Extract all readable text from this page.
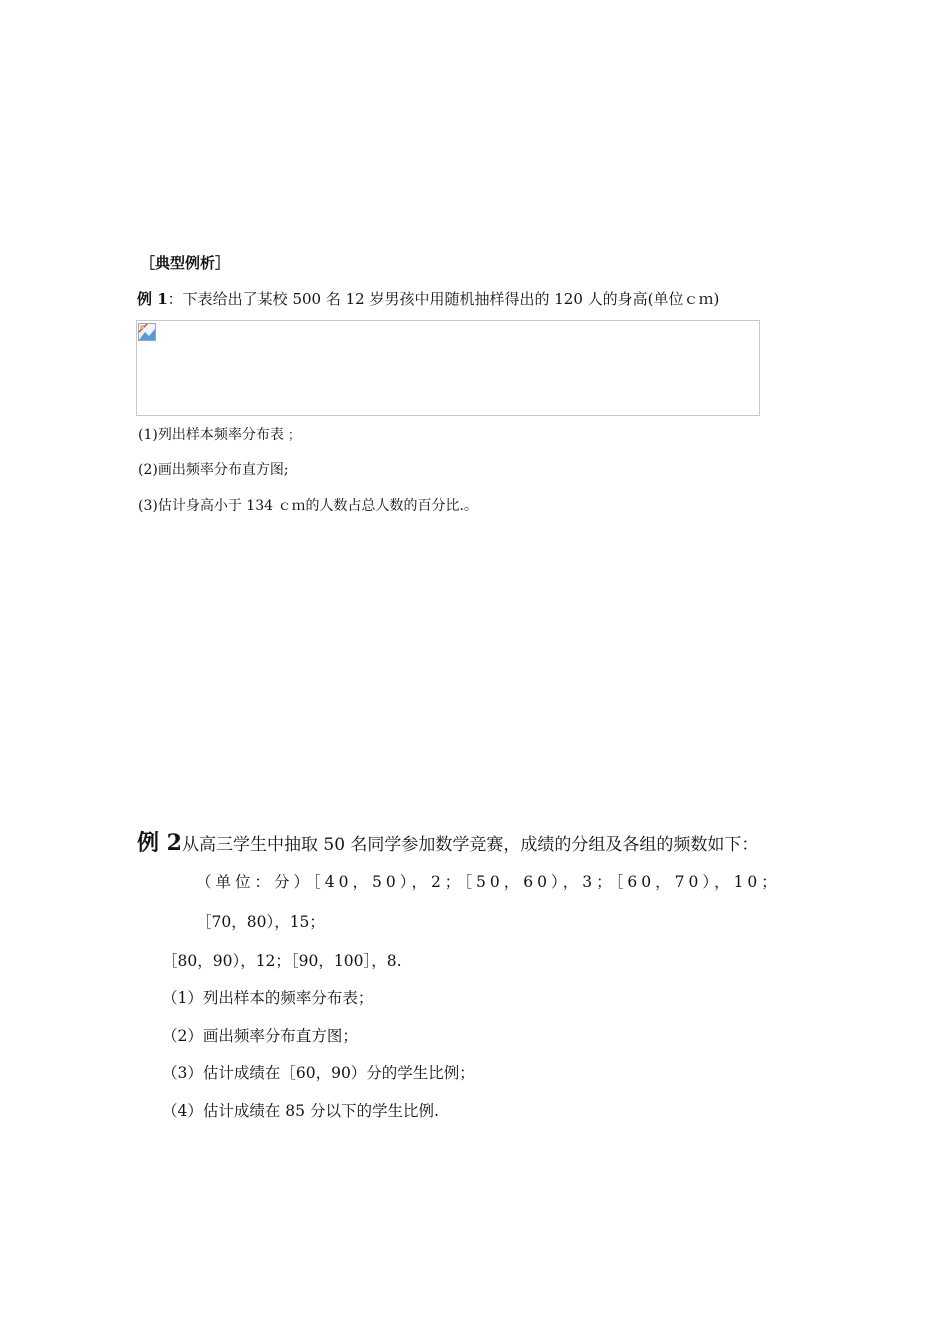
［典型例析］
例 1：下表给出了某校 500 名 12 岁男孩中用随机抽样得出的 120 人的身高(单位ｃｍ)
(1)列出样本频率分布表﹔
(2)画出频率分布直方图;
(3)估计身高小于 134 ｃｍ的人数占总人数的百分比.。
例 2从高三学生中抽取 50 名同学参加数学竞赛，成绩的分组及各组的频数如下：
（单位：分）［40，50），2；［50，60），3；［60，70），10；
［70，80），15；
［80，90），12；［90，100］，8.
（1）列出样本的频率分布表；
（2）画出频率分布直方图；
（3）估计成绩在［60，90）分的学生比例；
（4）估计成绩在 85 分以下的学生比例.
